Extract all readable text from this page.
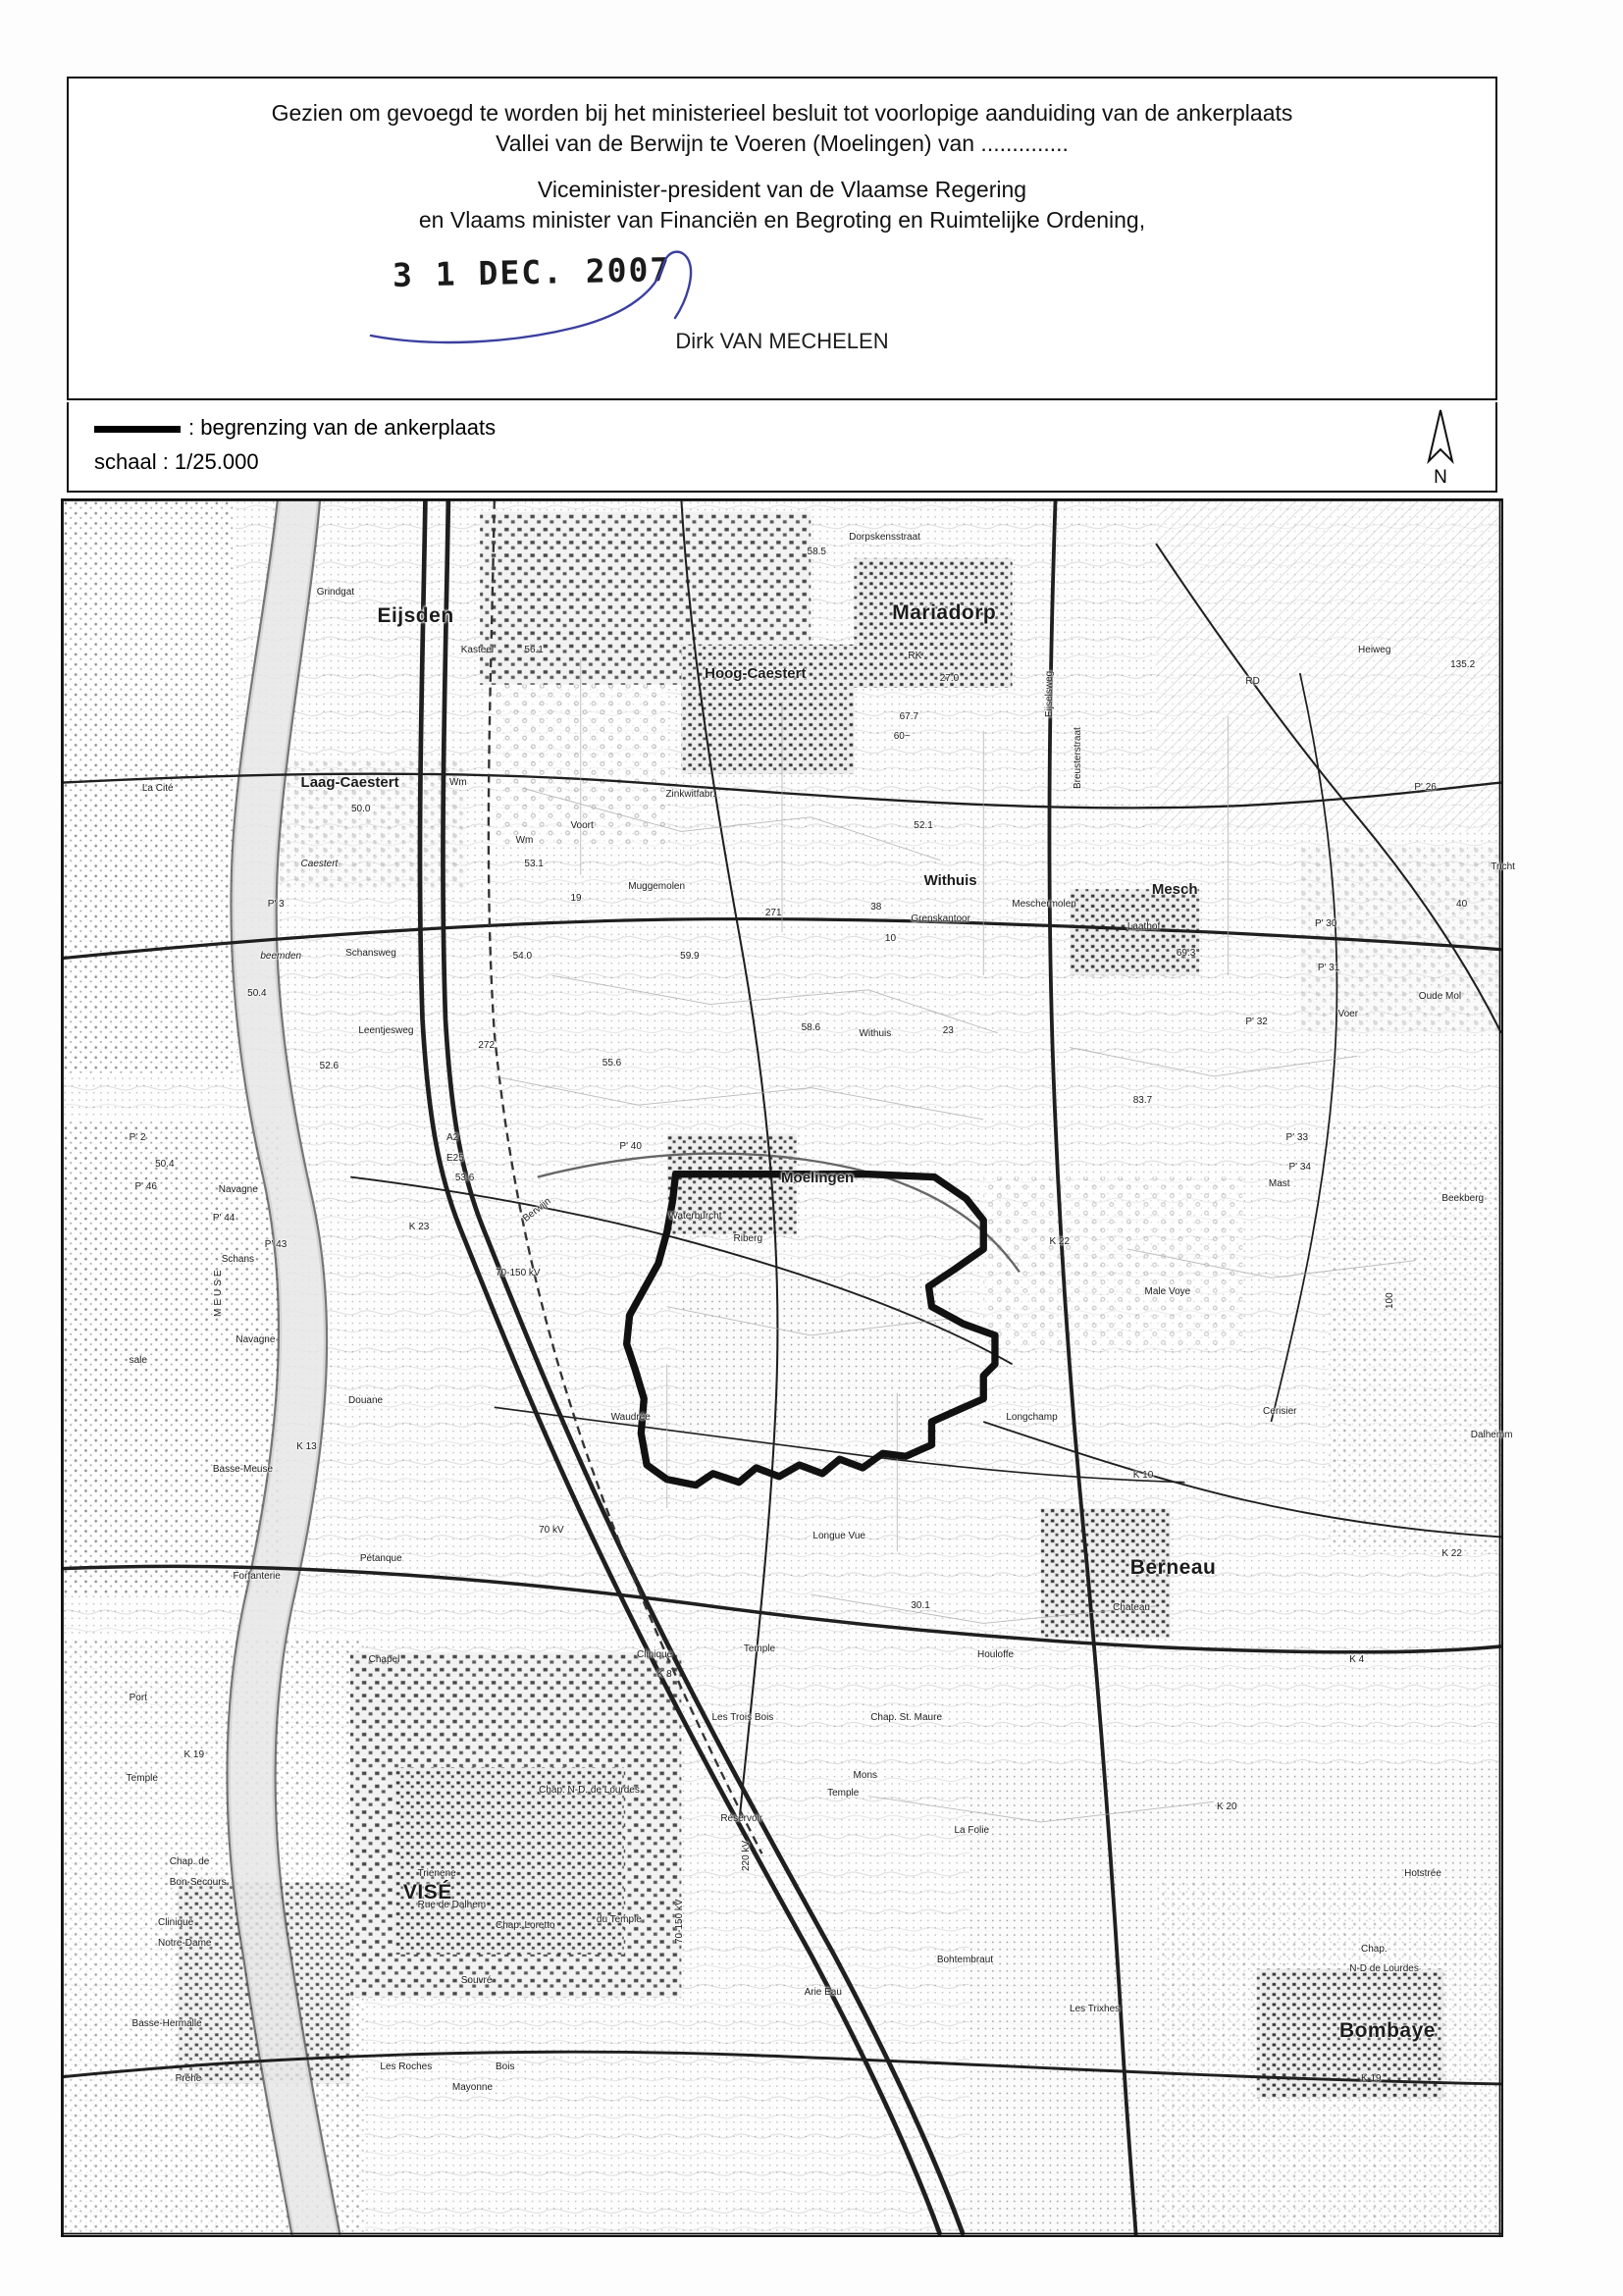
Gezien om gevoegd te worden bij het ministerieel besluit tot voorlopige aanduiding van de ankerplaats
Vallei van de Berwijn te Voeren (Moelingen) van ..............
Viceminister-president van de Vlaamse Regering
en Vlaams minister van Financiën en Begroting en Ruimtelijke Ordening,
3 1 DEC. 2007
Dirk VAN MECHELEN
: begrenzing van de ankerplaats
schaal : 1/25.000
N
Eijsden	Mariadorp
Moelingen
Berneau
VISÉ
Bombaye
Mesch
Withuis
Laag-Caestert
Hoog-Caestert
Grindgat
Kasteel	56.1
58.5
Dorpskensstraat
RK
Heiweg
135.2
RD
Eijselsweg
Breusterstraat
67.7
60~
27.0
P' 26
La Cité
50.0
Wm
Zinkwitfabr.
52.1
Wm
53.1
Voort
Caestert
Muggemolen
Meschermolen
Tricht
P' 3
19
271
38
Grenskantoor
Laathof	P' 30
40
beemden	Schansweg	54.0	59.9
10
69.3
P' 31
50.4	Oude Mol
Voer
Leentjesweg
272
58.6
Withuis	23
P' 32
52.6	55.6
P' 40
83.7
P' 2	A2
E25
50.4
53.6
P' 33
P' 34
Mast
Beekberg
P' 46	Navagne
P' 44	Berwijn	Waterburcht
P' 43
K 23
Riberg	K 22
Schans
70-150 kV
Male Voye
MEUSE
Navagne
100
sale
Longchamp
Cerisier
Douane
Waudrée
Dalhemm
K 13
K 10
Basse-Meuse
Longue Vue
70 kV
30.1	Chateau
Forfanterie
Pétanque
K 22
Houloffe
Chapel
Clinique
Temple
K 4
Port
K 8
Les Trois Bois	Chap. St. Maure
Mons
K 19
Temple
Temple
Chap. N-D. de Lourdes
Réservoir
K 20
La Folie
Chap. de
Bon-Secours
Hotstrée
Trienene
Clinique
Notre-Dame
Rue de Dalhem
Chap. Loretto
du Temple
Bohtembraut
Chap.
N-D de Lourdes
220 kV
70-150 kV
Souvré
Arie Eau
Les Trixhes
Basse-Hermalle
Préhe
Les Roches	Bois
Mayonne
K 19
